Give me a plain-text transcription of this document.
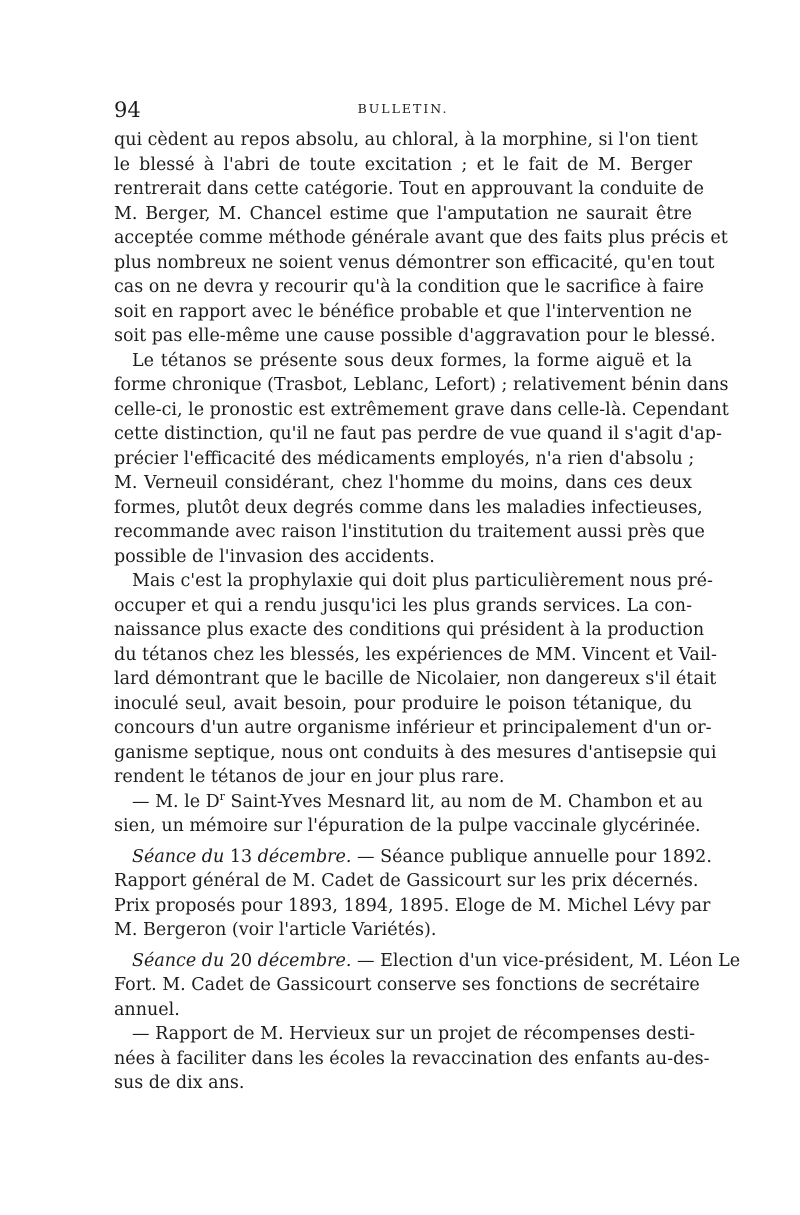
94	BULLETIN.
qui cèdent au repos absolu, au chloral, à la morphine, si l'on tient
le blessé à l'abri de toute excitation ; et le fait de M. Berger
rentrerait dans cette catégorie. Tout en approuvant la conduite de
M. Berger, M. Chancel estime que l'amputation ne saurait être
acceptée comme méthode générale avant que des faits plus précis et
plus nombreux ne soient venus démontrer son efficacité, qu'en tout
cas on ne devra y recourir qu'à la condition que le sacrifice à faire
soit en rapport avec le bénéfice probable et que l'intervention ne
soit pas elle-même une cause possible d'aggravation pour le blessé.
Le tétanos se présente sous deux formes, la forme aiguë et la
forme chronique (Trasbot, Leblanc, Lefort) ; relativement bénin dans
celle-ci, le pronostic est extrêmement grave dans celle-là. Cependant
cette distinction, qu'il ne faut pas perdre de vue quand il s'agit d'ap-
précier l'efficacité des médicaments employés, n'a rien d'absolu ;
M. Verneuil considérant, chez l'homme du moins, dans ces deux
formes, plutôt deux degrés comme dans les maladies infectieuses,
recommande avec raison l'institution du traitement aussi près que
possible de l'invasion des accidents.
Mais c'est la prophylaxie qui doit plus particulièrement nous pré-
occuper et qui a rendu jusqu'ici les plus grands services. La con-
naissance plus exacte des conditions qui président à la production
du tétanos chez les blessés, les expériences de MM. Vincent et Vail-
lard démontrant que le bacille de Nicolaier, non dangereux s'il était
inoculé seul, avait besoin, pour produire le poison tétanique, du
concours d'un autre organisme inférieur et principalement d'un or-
ganisme septique, nous ont conduits à des mesures d'antisepsie qui
rendent le tétanos de jour en jour plus rare.
— M. le $D^r$ Saint-Yves Mesnard lit, au nom de M. Chambon et au
sien, un mémoire sur l'épuration de la pulpe vaccinale glycérinée.
Séance du 13 décembre. — Séance publique annuelle pour 1892.
Rapport général de M. Cadet de Gassicourt sur les prix décernés.
Prix proposés pour 1893, 1894, 1895. Eloge de M. Michel Lévy par
M. Bergeron (voir l'article Variétés).
Séance du 20 décembre. — Election d'un vice-président, M. Léon Le
Fort. M. Cadet de Gassicourt conserve ses fonctions de secrétaire
annuel.
— Rapport de M. Hervieux sur un projet de récompenses desti-
nées à faciliter dans les écoles la revaccination des enfants au-des-
sus de dix ans.
